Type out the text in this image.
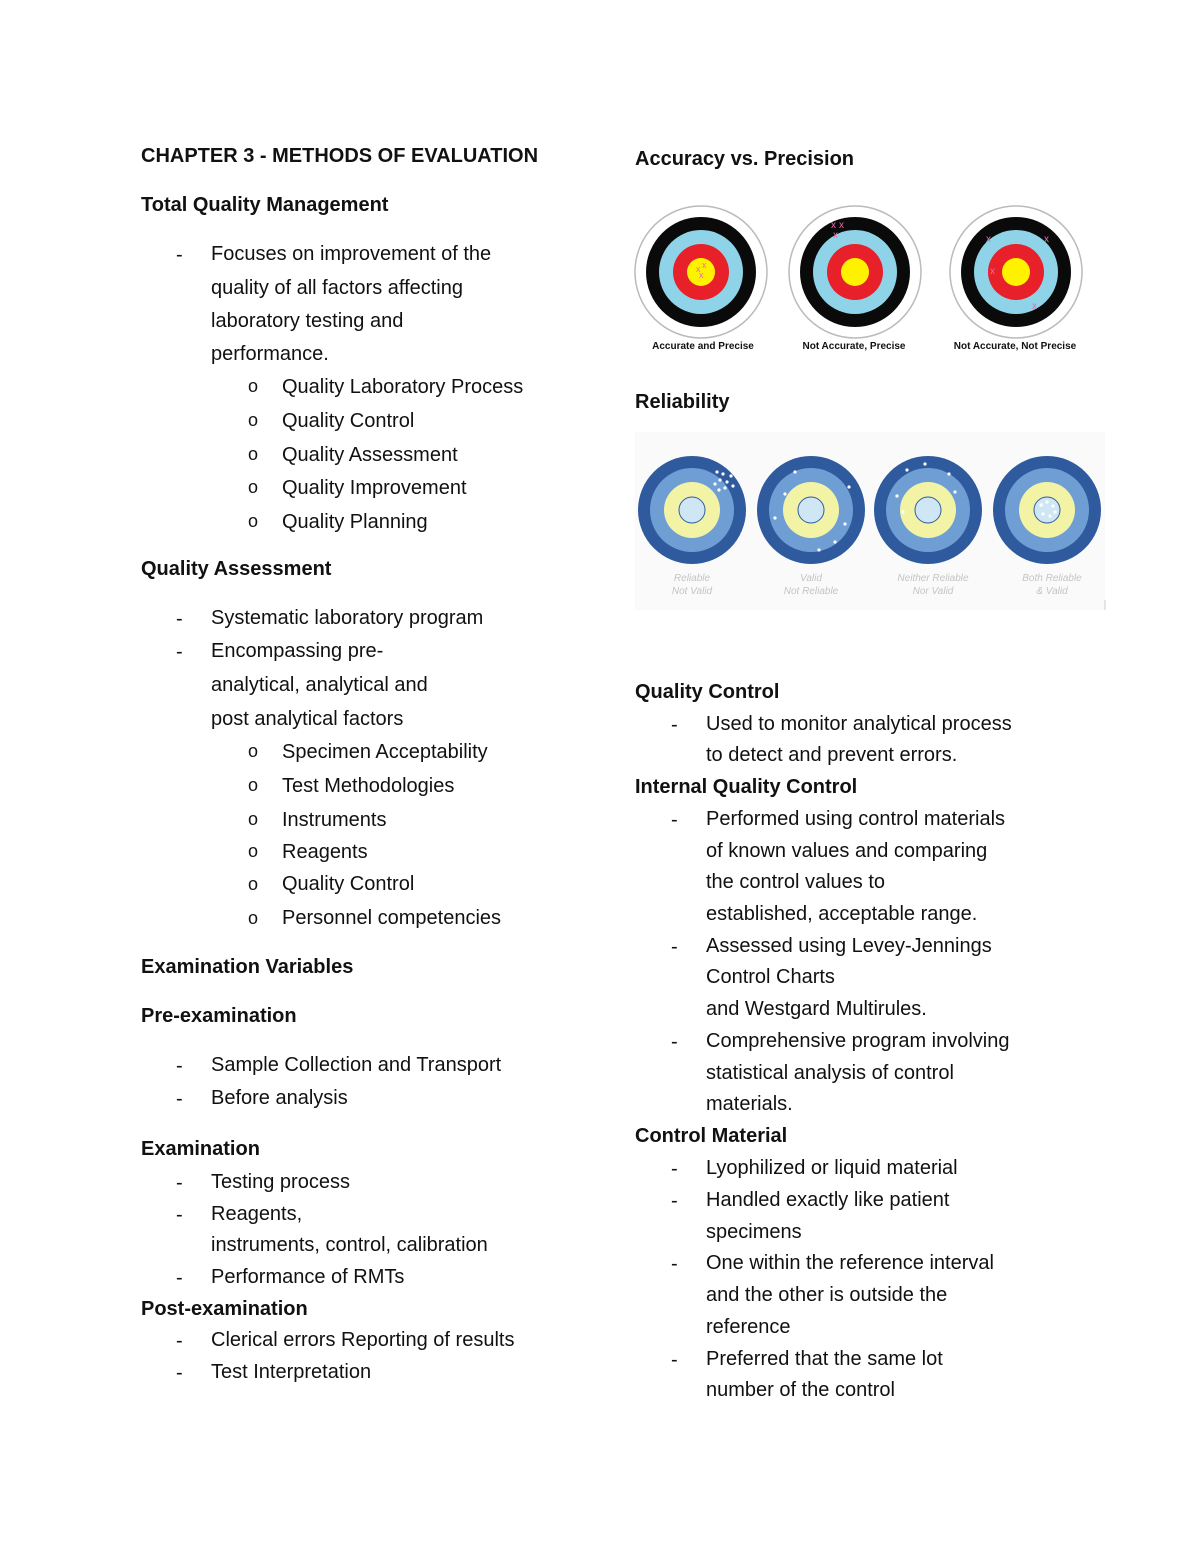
CHAPTER 3 - METHODS OF EVALUATION
Total Quality Management
- Focuses on improvement of the
quality of all factors affecting
laboratory testing and
performance.
o Quality Laboratory Process
o Quality Control
o Quality Assessment
o Quality Improvement
o Quality Planning
Quality Assessment
- Systematic laboratory program
- Encompassing pre-
analytical, analytical and
post analytical factors
o Specimen Acceptability
o Test Methodologies
o Instruments
o Reagents
o Quality Control
o Personnel competencies
Examination Variables
Pre-examination
- Sample Collection and Transport
- Before analysis
Examination
- Testing process
- Reagents,
instruments, control, calibration
- Performance of RMTs
Post-examination
- Clerical errors Reporting of results
- Test Interpretation
Accuracy vs. Precision
x x
x
x x
x	x	x
x
x
Accurate and Precise	Not Accurate, Precise	Not Accurate, Not Precise
Reliability
Reliable
Not Valid
Valid
Not Reliable
Neither Reliable
Nor Valid
Both Reliable
& Valid
Quality Control
- Used to monitor analytical process
to detect and prevent errors.
Internal Quality Control
- Performed using control materials
of known values and comparing
the control values to
established, acceptable range.
- Assessed using Levey-Jennings
Control Charts
and Westgard Multirules.
- Comprehensive program involving
statistical analysis of control
materials.
Control Material
- Lyophilized or liquid material
- Handled exactly like patient
specimens
- One within the reference interval
and the other is outside the
reference
- Preferred that the same lot
number of the control
